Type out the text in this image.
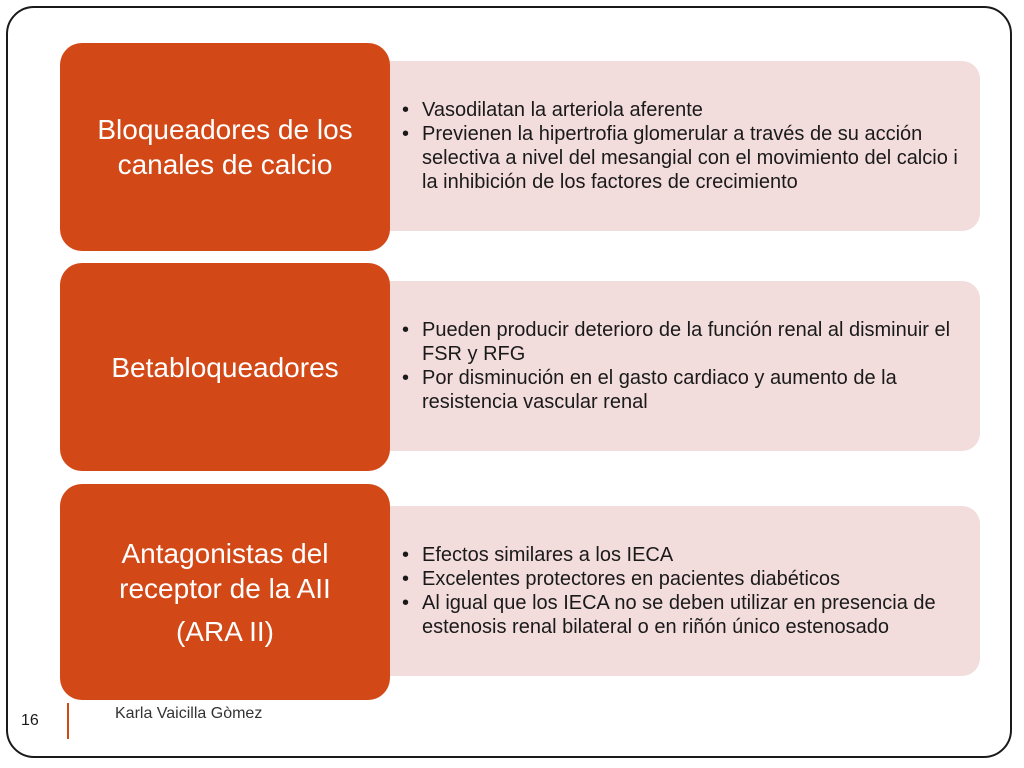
• Vasodilatan la arteriola aferente
• Previenen la hipertrofia glomerular a través de su acción selectiva a nivel del mesangial con el movimiento del calcio i la inhibición de los factores de crecimiento
Bloqueadores de los canales de calcio
• Pueden producir deterioro de la función renal al disminuir el FSR y RFG
• Por disminución en el gasto cardiaco y aumento de la resistencia vascular renal
Betabloqueadores
• Efectos similares a los IECA
• Excelentes protectores en pacientes diabéticos
• Al igual que los IECA no se deben utilizar en presencia de estenosis renal bilateral o en riñón único estenosado
Antagonistas del receptor de la AII
(ARA II)
16	Karla Vaicilla Gòmez
